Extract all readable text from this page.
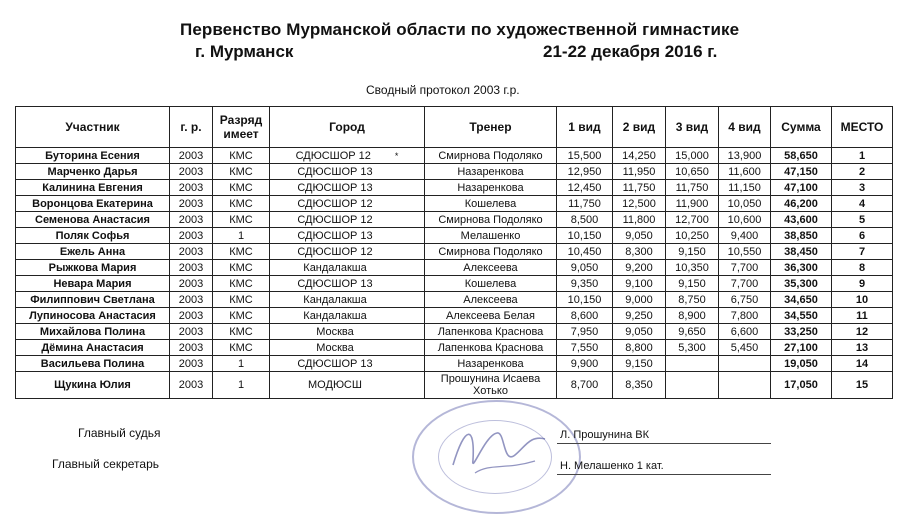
Первенство Мурманской области по художественной гимнастике
г. Мурманск	21-22 декабря 2016 г.
Сводный протокол 2003 г.р.
Участник	г. р.	Разряд имеет	Город	Тренер	1 вид	2 вид	3 вид	4 вид	Сумма	МЕСТО
Буторина Есения	2003	КМС	СДЮСШОР 12 *	Смирнова Подоляко	15,500	14,250	15,000	13,900	58,650	1
Марченко Дарья	2003	КМС	СДЮСШОР 13	Назаренкова	12,950	11,950	10,650	11,600	47,150	2
Калинина Евгения	2003	КМС	СДЮСШОР 13	Назаренкова	12,450	11,750	11,750	11,150	47,100	3
Воронцова Екатерина	2003	КМС	СДЮСШОР 12	Кошелева	11,750	12,500	11,900	10,050	46,200	4
Семенова Анастасия	2003	КМС	СДЮСШОР 12	Смирнова Подоляко	8,500	11,800	12,700	10,600	43,600	5
Поляк Софья	2003	1	СДЮСШОР 13	Мелашенко	10,150	9,050	10,250	9,400	38,850	6
Ежель Анна	2003	КМС	СДЮСШОР 12	Смирнова Подоляко	10,450	8,300	9,150	10,550	38,450	7
Рыжкова Мария	2003	КМС	Кандалакша	Алексеева	9,050	9,200	10,350	7,700	36,300	8
Невара Мария	2003	КМС	СДЮСШОР 13	Кошелева	9,350	9,100	9,150	7,700	35,300	9
Филиппович Светлана	2003	КМС	Кандалакша	Алексеева	10,150	9,000	8,750	6,750	34,650	10
Лупиносова Анастасия	2003	КМС	Кандалакша	Алексеева Белая	8,600	9,250	8,900	7,800	34,550	11
Михайлова Полина	2003	КМС	Москва	Лапенкова Краснова	7,950	9,050	9,650	6,600	33,250	12
Дёмина Анастасия	2003	КМС	Москва	Лапенкова Краснова	7,550	8,800	5,300	5,450	27,100	13
Васильева Полина	2003	1	СДЮСШОР 13	Назаренкова	9,900	9,150			19,050	14
Щукина Юлия	2003	1	МОДЮСШ	Прошунина Исаева Хотько	8,700	8,350			17,050	15
Главный судья	Л. Прошунина ВК
Главный секретарь	Н. Мелашенко 1 кат.
